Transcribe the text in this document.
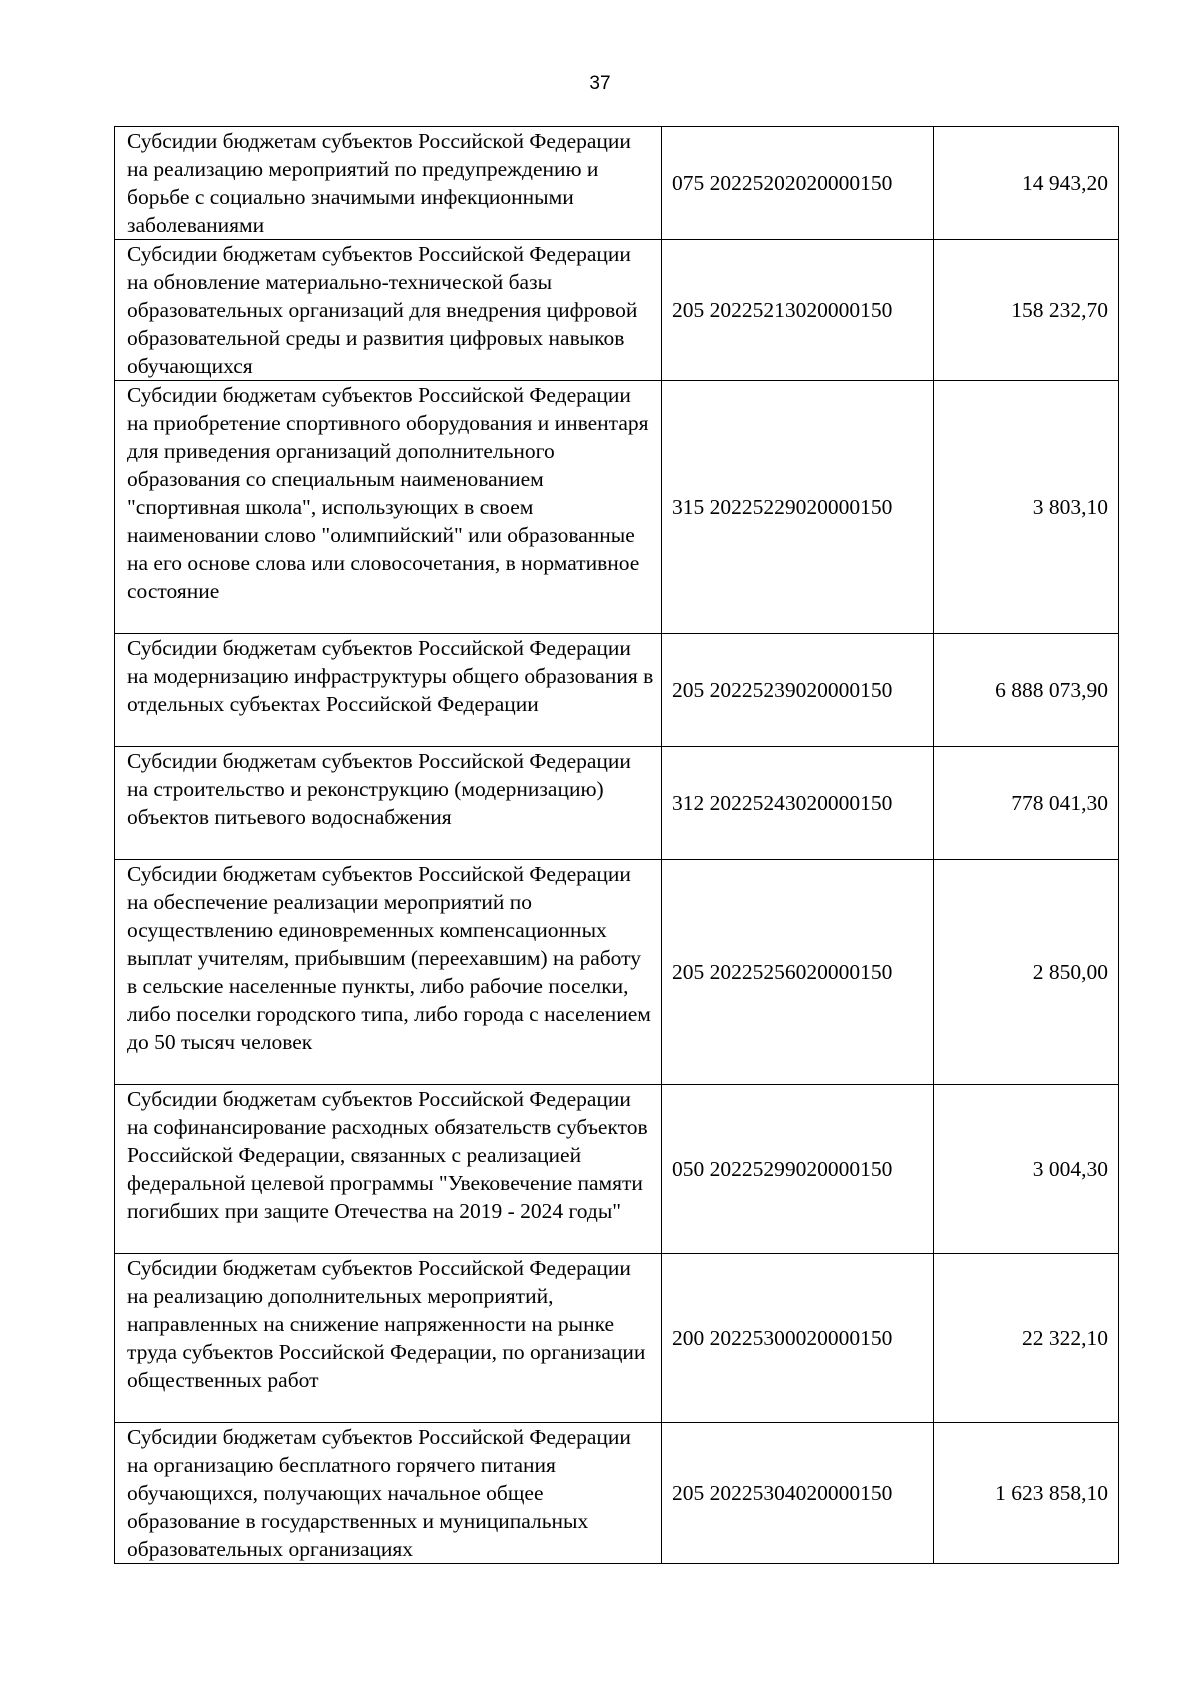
37
Субсидии бюджетам субъектов Российской Федерации на реализацию мероприятий по предупреждению и борьбе с социально значимыми инфекционными заболеваниями	075 20225202020000150	14 943,20
Субсидии бюджетам субъектов Российской Федерации на обновление материально-технической базы образовательных организаций для внедрения цифровой образовательной среды и развития цифровых навыков обучающихся	205 20225213020000150	158 232,70
Субсидии бюджетам субъектов Российской Федерации на приобретение спортивного оборудования и инвентаря для приведения организаций дополнительного образования со специальным наименованием "спортивная школа", использующих в своем наименовании слово "олимпийский" или образованные на его основе слова или словосочетания, в нормативное состояние	315 20225229020000150	3 803,10
Субсидии бюджетам субъектов Российской Федерации на модернизацию инфраструктуры общего образования в отдельных субъектах Российской Федерации	205 20225239020000150	6 888 073,90
Субсидии бюджетам субъектов Российской Федерации на строительство и реконструкцию (модернизацию) объектов питьевого водоснабжения	312 20225243020000150	778 041,30
Субсидии бюджетам субъектов Российской Федерации на обеспечение реализации мероприятий по осуществлению единовременных компенсационных выплат учителям, прибывшим (переехавшим) на работу в сельские населенные пункты, либо рабочие поселки, либо поселки городского типа, либо города с населением до 50 тысяч человек	205 20225256020000150	2 850,00
Субсидии бюджетам субъектов Российской Федерации на софинансирование расходных обязательств субъектов Российской Федерации, связанных с реализацией федеральной целевой программы "Увековечение памяти погибших при защите Отечества на 2019 - 2024 годы"	050 20225299020000150	3 004,30
Субсидии бюджетам субъектов Российской Федерации на реализацию дополнительных мероприятий, направленных на снижение напряженности на рынке труда субъектов Российской Федерации, по организации общественных работ	200 20225300020000150	22 322,10
Субсидии бюджетам субъектов Российской Федерации на организацию бесплатного горячего питания обучающихся, получающих начальное общее образование в государственных и муниципальных образовательных организациях	205 20225304020000150	1 623 858,10
